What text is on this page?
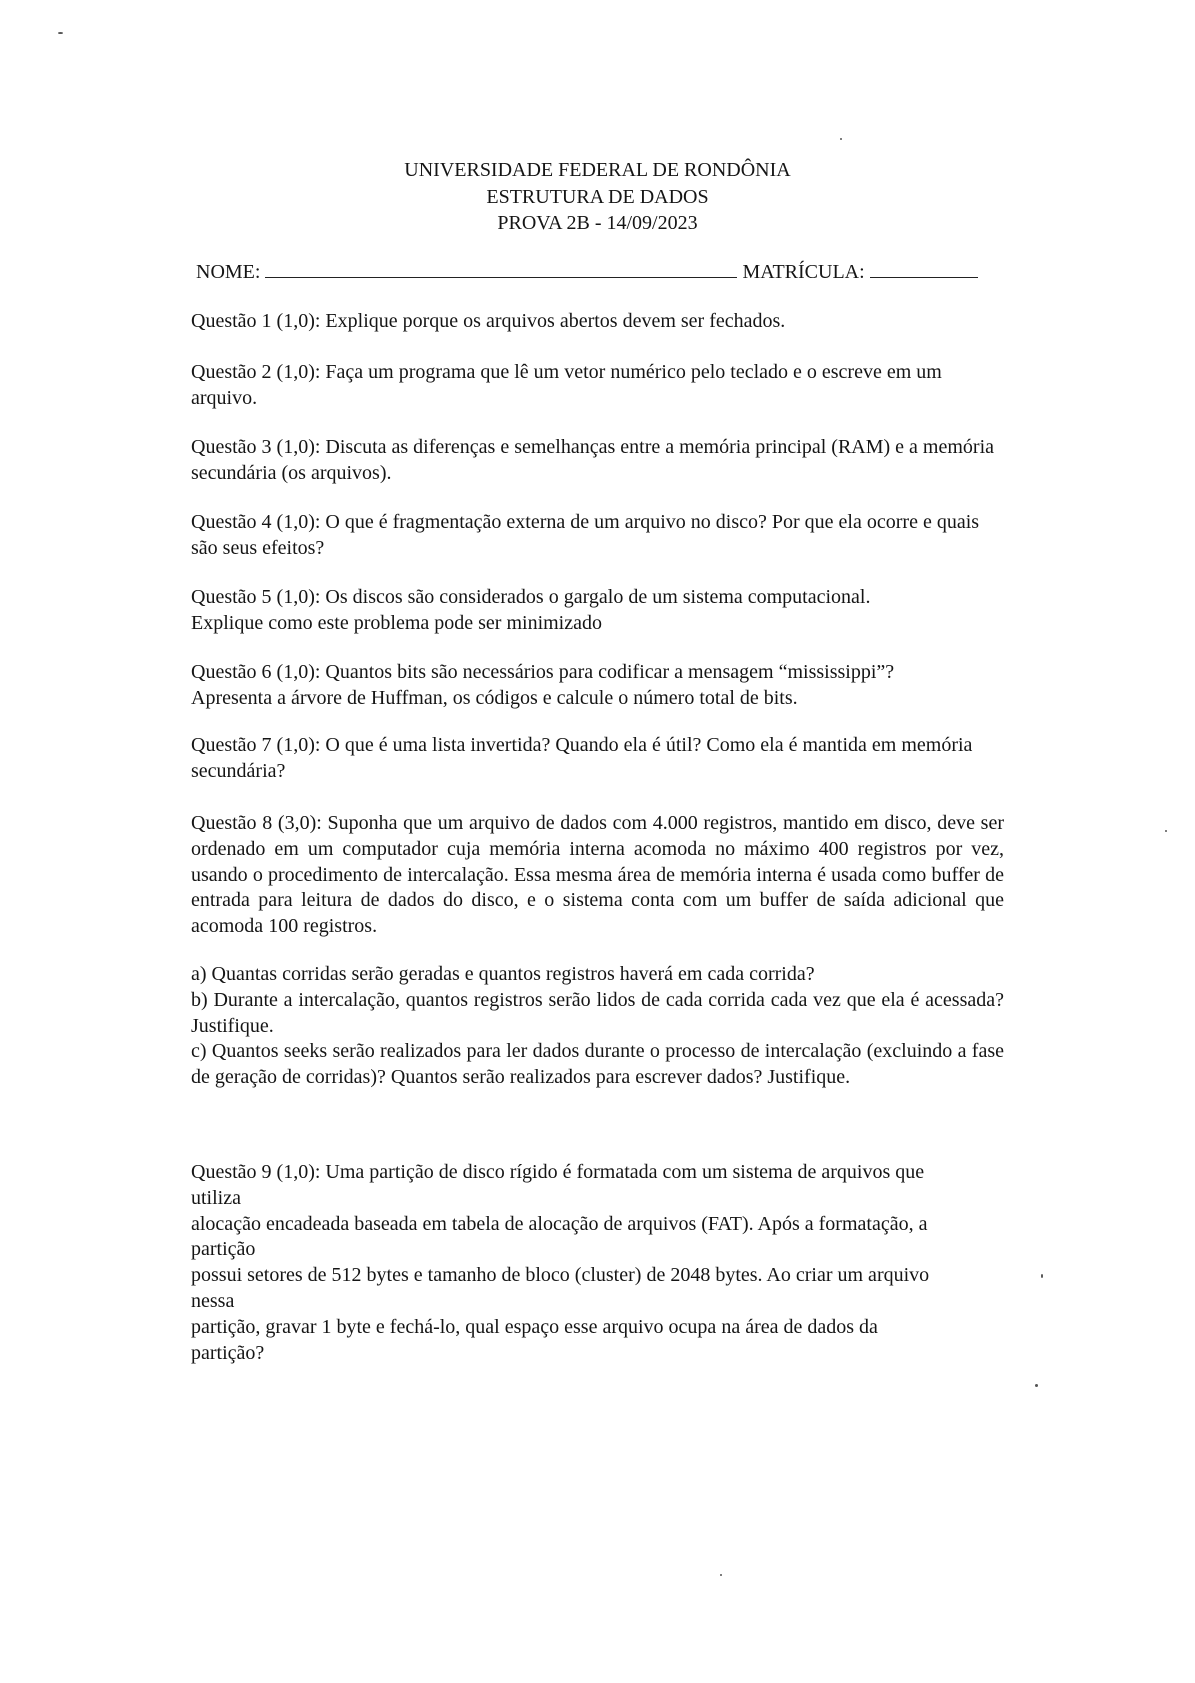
UNIVERSIDADE FEDERAL DE RONDÔNIA
ESTRUTURA DE DADOS
PROVA 2B - 14/09/2023
NOME:	MATRÍCULA:

Questão 1 (1,0): Explique porque os arquivos abertos devem ser fechados.

Questão 2 (1,0): Faça um programa que lê um vetor numérico pelo teclado e o escreve em um arquivo.

Questão 3 (1,0): Discuta as diferenças e semelhanças entre a memória principal (RAM) e a memória secundária (os arquivos).

Questão 4 (1,0): O que é fragmentação externa de um arquivo no disco? Por que ela ocorre e quais são seus efeitos?

Questão 5 (1,0): Os discos são considerados o gargalo de um sistema computacional.
Explique como este problema pode ser minimizado

Questão 6 (1,0): Quantos bits são necessários para codificar a mensagem “mississippi”?
Apresenta a árvore de Huffman, os códigos e calcule o número total de bits.

Questão 7 (1,0): O que é uma lista invertida? Quando ela é útil? Como ela é mantida em memória secundária?

Questão 8 (3,0): Suponha que um arquivo de dados com 4.000 registros, mantido em disco, deve ser ordenado em um computador cuja memória interna acomoda no máximo 400 registros por vez, usando o procedimento de intercalação. Essa mesma área de memória interna é usada como buffer de entrada para leitura de dados do disco, e o sistema conta com um buffer de saída adicional que acomoda 100 registros.

a) Quantas corridas serão geradas e quantos registros haverá em cada corrida?

b) Durante a intercalação, quantos registros serão lidos de cada corrida cada vez que ela é acessada? Justifique.

c) Quantos seeks serão realizados para ler dados durante o processo de intercalação (excluindo a fase de geração de corridas)? Quantos serão realizados para escrever dados? Justifique.

Questão 9 (1,0): Uma partição de disco rígido é formatada com um sistema de arquivos que
utiliza
alocação encadeada baseada em tabela de alocação de arquivos (FAT). Após a formatação, a
partição
possui setores de 512 bytes e tamanho de bloco (cluster) de 2048 bytes. Ao criar um arquivo
nessa
partição, gravar 1 byte e fechá-lo, qual espaço esse arquivo ocupa na área de dados da
partição?
